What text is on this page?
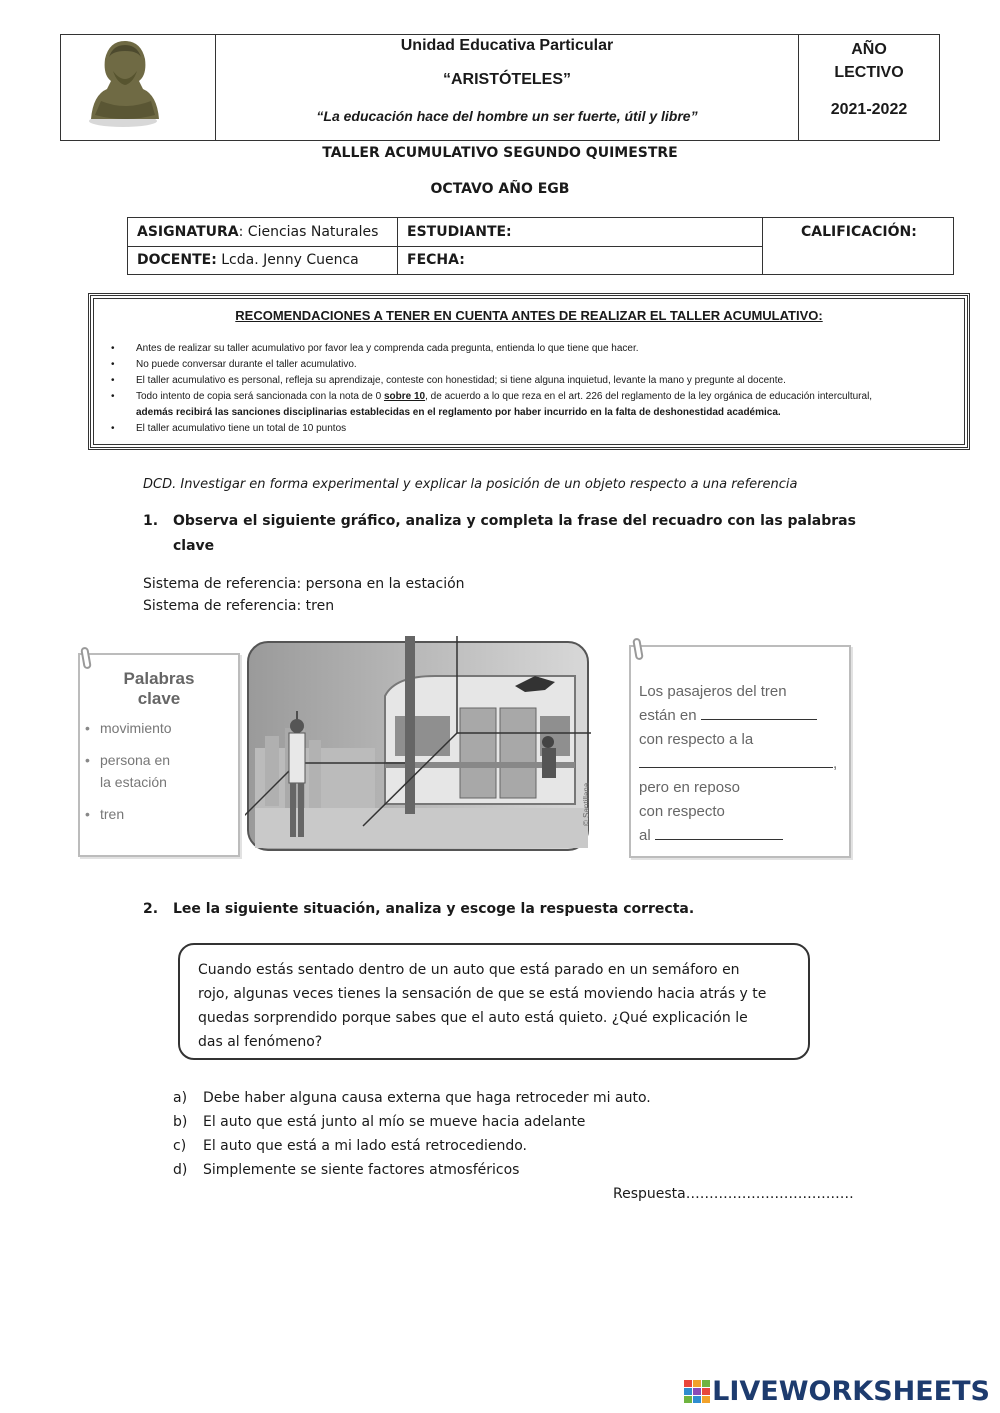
Unidad Educativa Particular
“ARISTÓTELES”
“La educación hace del hombre un ser fuerte, útil y libre”
AÑO
LECTIVO
2021-2022
TALLER ACUMULATIVO SEGUNDO QUIMESTRE
OCTAVO AÑO EGB
ASIGNATURA: Ciencias Naturales	ESTUDIANTE:	CALIFICACIÓN:
DOCENTE: Lcda. Jenny Cuenca	FECHA:
RECOMENDACIONES A TENER EN CUENTA ANTES DE REALIZAR EL TALLER ACUMULATIVO:
• Antes de realizar su taller acumulativo por favor lea y comprenda cada pregunta, entienda lo que tiene que hacer.
• No puede conversar durante el taller acumulativo.
• El taller acumulativo es personal, refleja su aprendizaje, conteste con honestidad; si tiene alguna inquietud, levante la mano y pregunte al docente.
• Todo intento de copia será sancionada con la nota de 0 sobre 10, de acuerdo a lo que reza en el art. 226 del reglamento de la ley orgánica de educación intercultural,
además recibirá las sanciones disciplinarias establecidas en el reglamento por haber incurrido en la falta de deshonestidad académica.
• El taller acumulativo tiene un total de 10 puntos
DCD. Investigar en forma experimental y explicar la posición de un objeto respecto a una referencia
1. Observa el siguiente gráfico, analiza y completa la frase del recuadro con las palabras
clave
Sistema de referencia: persona en la estación
Sistema de referencia: tren
Palabras
clave
• movimiento
• persona en
la estación
• tren	© Santillana
Los pasajeros del tren
están en
con respecto a la
,
pero en reposo
con respecto
al
2. Lee la siguiente situación, analiza y escoge la respuesta correcta.
Cuando estás sentado dentro de un auto que está parado en un semáforo en
rojo, algunas veces tienes la sensación de que se está moviendo hacia atrás y te
quedas sorprendido porque sabes que el auto está quieto. ¿Qué explicación le
das al fenómeno?
a)	Debe haber alguna causa externa que haga retroceder mi auto.
b)	El auto que está junto al mío se mueve hacia adelante
c)	El auto que está a mi lado está retrocediendo.
d)	Simplemente se siente factores atmosféricos
Respuesta………………………………
LIVEWORKSHEETS
